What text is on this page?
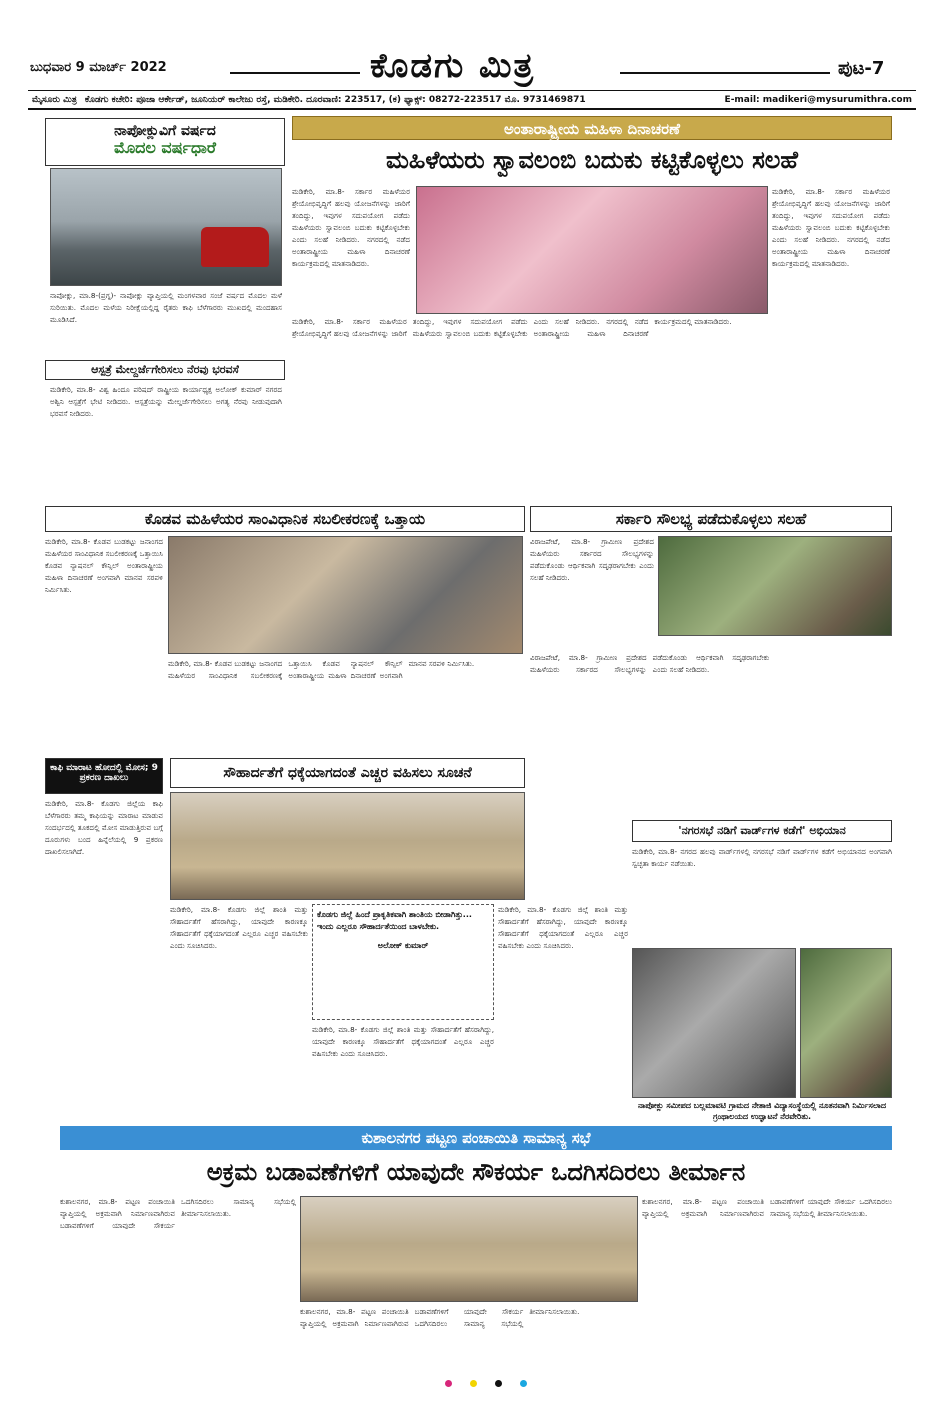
ಬುಧವಾರ 9 ಮಾರ್ಚ್ 2022	ಕೊಡಗು ಮಿತ್ರ	ಪುಟ-7
ಮೈಸೂರು ಮಿತ್ರ ಕೊಡಗು ಕಚೇರಿ: ಪೂಜಾ ಆರ್ಕೇಡ್, ಜೂನಿಯರ್ ಕಾಲೇಜು ರಸ್ತೆ, ಮಡಿಕೇರಿ. ದೂರವಾಣಿ: 223517, (ಕ) ಫ್ಯಾಕ್ಸ್: 08272-223517 ಮೊ. 9731469871	E-mail: madikeri@mysurumithra.com
ನಾಪೋಕ್ಲುವಿಗೆ ವರ್ಷದ
ಮೊದಲ ವರ್ಷಧಾರೆ
ನಾಪೋಕ್ಲು, ಮಾ.8-(ಪ್ರಗ್ನ)- ನಾಪೋಕ್ಲು ವ್ಯಾಪ್ತಿಯಲ್ಲಿ ಮಂಗಳವಾರ ಸಂಜೆ ವರ್ಷದ ಮೊದಲ ಮಳೆ ಸುರಿಯಿತು. ಮೊದಲ ಮಳೆಯ ನಿರೀಕ್ಷೆಯಲ್ಲಿದ್ದ ರೈತರು ಕಾಫಿ ಬೆಳೆಗಾರರು ಮುಖದಲ್ಲಿ ಮಂದಹಾಸ ಮೂಡಿಸಿದೆ.
ಆಸ್ಪತ್ರೆ ಮೇಲ್ದರ್ಜೆಗೇರಿಸಲು ನೆರವು ಭರವಸೆ
ಮಡಿಕೇರಿ, ಮಾ.8- ವಿಶ್ವ ಹಿಂದೂ ಪರಿಷದ್ ರಾಷ್ಟ್ರೀಯ ಕಾರ್ಯಾಧ್ಯಕ್ಷ ಅಲೋಕ್ ಕುಮಾರ್ ನಗರದ ಅಶ್ವಿನಿ ಆಸ್ಪತ್ರೆಗೆ ಭೇಟಿ ನೀಡಿದರು. ಆಸ್ಪತ್ರೆಯನ್ನು ಮೇಲ್ದರ್ಜೆಗೇರಿಸಲು ಅಗತ್ಯ ನೆರವು ನೀಡುವುದಾಗಿ ಭರವಸೆ ನೀಡಿದರು.
ಅಂತಾರಾಷ್ಟ್ರೀಯ ಮಹಿಳಾ ದಿನಾಚರಣೆ
ಮಹಿಳೆಯರು ಸ್ವಾವಲಂಬಿ ಬದುಕು ಕಟ್ಟಿಕೊಳ್ಳಲು ಸಲಹೆ
ಮಡಿಕೇರಿ, ಮಾ.8- ಸರ್ಕಾರ ಮಹಿಳೆಯರ ಶ್ರೇಯೋಭಿವೃದ್ಧಿಗೆ ಹಲವು ಯೋಜನೆಗಳನ್ನು ಜಾರಿಗೆ ತಂದಿದ್ದು, ಇವುಗಳ ಸದುಪಯೋಗ ಪಡೆದು ಮಹಿಳೆಯರು ಸ್ವಾವಲಂಬಿ ಬದುಕು ಕಟ್ಟಿಕೊಳ್ಳಬೇಕು ಎಂದು ಸಲಹೆ ನೀಡಿದರು. ನಗರದಲ್ಲಿ ನಡೆದ ಅಂತಾರಾಷ್ಟ್ರೀಯ ಮಹಿಳಾ ದಿನಾಚರಣೆ ಕಾರ್ಯಕ್ರಮದಲ್ಲಿ ಮಾತನಾಡಿದರು.
ಮಡಿಕೇರಿ, ಮಾ.8- ಸರ್ಕಾರ ಮಹಿಳೆಯರ ಶ್ರೇಯೋಭಿವೃದ್ಧಿಗೆ ಹಲವು ಯೋಜನೆಗಳನ್ನು ಜಾರಿಗೆ ತಂದಿದ್ದು, ಇವುಗಳ ಸದುಪಯೋಗ ಪಡೆದು ಮಹಿಳೆಯರು ಸ್ವಾವಲಂಬಿ ಬದುಕು ಕಟ್ಟಿಕೊಳ್ಳಬೇಕು ಎಂದು ಸಲಹೆ ನೀಡಿದರು. ನಗರದಲ್ಲಿ ನಡೆದ ಅಂತಾರಾಷ್ಟ್ರೀಯ ಮಹಿಳಾ ದಿನಾಚರಣೆ ಕಾರ್ಯಕ್ರಮದಲ್ಲಿ ಮಾತನಾಡಿದರು.
ಮಡಿಕೇರಿ, ಮಾ.8- ಸರ್ಕಾರ ಮಹಿಳೆಯರ ಶ್ರೇಯೋಭಿವೃದ್ಧಿಗೆ ಹಲವು ಯೋಜನೆಗಳನ್ನು ಜಾರಿಗೆ ತಂದಿದ್ದು, ಇವುಗಳ ಸದುಪಯೋಗ ಪಡೆದು ಮಹಿಳೆಯರು ಸ್ವಾವಲಂಬಿ ಬದುಕು ಕಟ್ಟಿಕೊಳ್ಳಬೇಕು ಎಂದು ಸಲಹೆ ನೀಡಿದರು. ನಗರದಲ್ಲಿ ನಡೆದ ಅಂತಾರಾಷ್ಟ್ರೀಯ ಮಹಿಳಾ ದಿನಾಚರಣೆ ಕಾರ್ಯಕ್ರಮದಲ್ಲಿ ಮಾತನಾಡಿದರು.
ಕೊಡವ ಮಹಿಳೆಯರ ಸಾಂವಿಧಾನಿಕ ಸಬಲೀಕರಣಕ್ಕೆ ಒತ್ತಾಯ
ಮಡಿಕೇರಿ, ಮಾ.8- ಕೊಡವ ಬುಡಕಟ್ಟು ಜನಾಂಗದ ಮಹಿಳೆಯರ ಸಾಂವಿಧಾನಿಕ ಸಬಲೀಕರಣಕ್ಕೆ ಒತ್ತಾಯಿಸಿ ಕೊಡವ ನ್ಯಾಷನಲ್ ಕೌನ್ಸಿಲ್ ಅಂತಾರಾಷ್ಟ್ರೀಯ ಮಹಿಳಾ ದಿನಾಚರಣೆ ಅಂಗವಾಗಿ ಮಾನವ ಸರಪಳಿ ನಿರ್ಮಿಸಿತು.
ಮಡಿಕೇರಿ, ಮಾ.8- ಕೊಡವ ಬುಡಕಟ್ಟು ಜನಾಂಗದ ಮಹಿಳೆಯರ ಸಾಂವಿಧಾನಿಕ ಸಬಲೀಕರಣಕ್ಕೆ ಒತ್ತಾಯಿಸಿ ಕೊಡವ ನ್ಯಾಷನಲ್ ಕೌನ್ಸಿಲ್ ಅಂತಾರಾಷ್ಟ್ರೀಯ ಮಹಿಳಾ ದಿನಾಚರಣೆ ಅಂಗವಾಗಿ ಮಾನವ ಸರಪಳಿ ನಿರ್ಮಿಸಿತು.
ಸರ್ಕಾರಿ ಸೌಲಭ್ಯ ಪಡೆದುಕೊಳ್ಳಲು ಸಲಹೆ
ವಿರಾಜಪೇಟೆ, ಮಾ.8- ಗ್ರಾಮೀಣ ಪ್ರದೇಶದ ಮಹಿಳೆಯರು ಸರ್ಕಾರದ ಸೌಲಭ್ಯಗಳನ್ನು ಪಡೆದುಕೊಂಡು ಆರ್ಥಿಕವಾಗಿ ಸದೃಢರಾಗಬೇಕು ಎಂದು ಸಲಹೆ ನೀಡಿದರು.
ವಿರಾಜಪೇಟೆ, ಮಾ.8- ಗ್ರಾಮೀಣ ಪ್ರದೇಶದ ಮಹಿಳೆಯರು ಸರ್ಕಾರದ ಸೌಲಭ್ಯಗಳನ್ನು ಪಡೆದುಕೊಂಡು ಆರ್ಥಿಕವಾಗಿ ಸದೃಢರಾಗಬೇಕು ಎಂದು ಸಲಹೆ ನೀಡಿದರು.
ಕಾಫಿ ಮಾರಾಟ ಹೋದಲ್ಲಿ ಮೋಸ; 9 ಪ್ರಕರಣ ದಾಖಲು
ಮಡಿಕೇರಿ, ಮಾ.8- ಕೊಡಗು ಜಿಲ್ಲೆಯ ಕಾಫಿ ಬೆಳೆಗಾರರು ತಮ್ಮ ಕಾಫಿಯನ್ನು ಮಾರಾಟ ಮಾಡುವ ಸಂದರ್ಭದಲ್ಲಿ ತೂಕದಲ್ಲಿ ಮೋಸ ಮಾಡುತ್ತಿರುವ ಬಗ್ಗೆ ದೂರುಗಳು ಬಂದ ಹಿನ್ನೆಲೆಯಲ್ಲಿ 9 ಪ್ರಕರಣ ದಾಖಲಿಸಲಾಗಿದೆ.
ಸೌಹಾರ್ದತೆಗೆ ಧಕ್ಕೆಯಾಗದಂತೆ ಎಚ್ಚರ ವಹಿಸಲು ಸೂಚನೆ
ಮಡಿಕೇರಿ, ಮಾ.8- ಕೊಡಗು ಜಿಲ್ಲೆ ಶಾಂತಿ ಮತ್ತು ಸೌಹಾರ್ದತೆಗೆ ಹೆಸರಾಗಿದ್ದು, ಯಾವುದೇ ಕಾರಣಕ್ಕೂ ಸೌಹಾರ್ದತೆಗೆ ಧಕ್ಕೆಯಾಗದಂತೆ ಎಲ್ಲರೂ ಎಚ್ಚರ ವಹಿಸಬೇಕು ಎಂದು ಸೂಚಿಸಿದರು.
ಕೊಡಗು ಜಿಲ್ಲೆ ಹಿಂದೆ ಪ್ರಾಕೃತಿಕವಾಗಿ ಶಾಂತಿಯ ಬೀಡಾಗಿತ್ತು... ಇಂದು ಎಲ್ಲರೂ ಸೌಹಾರ್ದತೆಯಿಂದ ಬಾಳಬೇಕು.
ಅಲೋಕ್ ಕುಮಾರ್
ಮಡಿಕೇರಿ, ಮಾ.8- ಕೊಡಗು ಜಿಲ್ಲೆ ಶಾಂತಿ ಮತ್ತು ಸೌಹಾರ್ದತೆಗೆ ಹೆಸರಾಗಿದ್ದು, ಯಾವುದೇ ಕಾರಣಕ್ಕೂ ಸೌಹಾರ್ದತೆಗೆ ಧಕ್ಕೆಯಾಗದಂತೆ ಎಲ್ಲರೂ ಎಚ್ಚರ ವಹಿಸಬೇಕು ಎಂದು ಸೂಚಿಸಿದರು.
ಮಡಿಕೇರಿ, ಮಾ.8- ಕೊಡಗು ಜಿಲ್ಲೆ ಶಾಂತಿ ಮತ್ತು ಸೌಹಾರ್ದತೆಗೆ ಹೆಸರಾಗಿದ್ದು, ಯಾವುದೇ ಕಾರಣಕ್ಕೂ ಸೌಹಾರ್ದತೆಗೆ ಧಕ್ಕೆಯಾಗದಂತೆ ಎಲ್ಲರೂ ಎಚ್ಚರ ವಹಿಸಬೇಕು ಎಂದು ಸೂಚಿಸಿದರು.
'ನಗರಸಭೆ ನಡಿಗೆ ವಾರ್ಡ್‌ಗಳ ಕಡೆಗೆ' ಅಭಿಯಾನ
ಮಡಿಕೇರಿ, ಮಾ.8- ನಗರದ ಹಲವು ವಾರ್ಡ್‌ಗಳಲ್ಲಿ ನಗರಸಭೆ ನಡಿಗೆ ವಾರ್ಡ್‌ಗಳ ಕಡೆಗೆ ಅಭಿಯಾನದ ಅಂಗವಾಗಿ ಸ್ವಚ್ಛತಾ ಕಾರ್ಯ ನಡೆಯಿತು.
ನಾಪೋಕ್ಲು ಸಮೀಪದ ಬಲ್ಲಮಾವಟಿ ಗ್ರಾಮದ ನೇತಾಜಿ ವಿದ್ಯಾಸಂಸ್ಥೆಯಲ್ಲಿ ನೂತನವಾಗಿ ನಿರ್ಮಿಸಲಾದ ಗ್ರಂಥಾಲಯದ ಉದ್ಘಾಟನೆ ನೆರವೇರಿತು.
ಕುಶಾಲನಗರ ಪಟ್ಟಣ ಪಂಚಾಯಿತಿ ಸಾಮಾನ್ಯ ಸಭೆ
ಅಕ್ರಮ ಬಡಾವಣೆಗಳಿಗೆ ಯಾವುದೇ ಸೌಕರ್ಯ ಒದಗಿಸದಿರಲು ತೀರ್ಮಾನ
ಕುಶಾಲನಗರ, ಮಾ.8- ಪಟ್ಟಣ ಪಂಚಾಯಿತಿ ವ್ಯಾಪ್ತಿಯಲ್ಲಿ ಅಕ್ರಮವಾಗಿ ನಿರ್ಮಾಣವಾಗಿರುವ ಬಡಾವಣೆಗಳಿಗೆ ಯಾವುದೇ ಸೌಕರ್ಯ ಒದಗಿಸದಿರಲು ಸಾಮಾನ್ಯ ಸಭೆಯಲ್ಲಿ ತೀರ್ಮಾನಿಸಲಾಯಿತು.
ಕುಶಾಲನಗರ, ಮಾ.8- ಪಟ್ಟಣ ಪಂಚಾಯಿತಿ ವ್ಯಾಪ್ತಿಯಲ್ಲಿ ಅಕ್ರಮವಾಗಿ ನಿರ್ಮಾಣವಾಗಿರುವ ಬಡಾವಣೆಗಳಿಗೆ ಯಾವುದೇ ಸೌಕರ್ಯ ಒದಗಿಸದಿರಲು ಸಾಮಾನ್ಯ ಸಭೆಯಲ್ಲಿ ತೀರ್ಮಾನಿಸಲಾಯಿತು.
ಕುಶಾಲನಗರ, ಮಾ.8- ಪಟ್ಟಣ ಪಂಚಾಯಿತಿ ವ್ಯಾಪ್ತಿಯಲ್ಲಿ ಅಕ್ರಮವಾಗಿ ನಿರ್ಮಾಣವಾಗಿರುವ ಬಡಾವಣೆಗಳಿಗೆ ಯಾವುದೇ ಸೌಕರ್ಯ ಒದಗಿಸದಿರಲು ಸಾಮಾನ್ಯ ಸಭೆಯಲ್ಲಿ ತೀರ್ಮಾನಿಸಲಾಯಿತು.
